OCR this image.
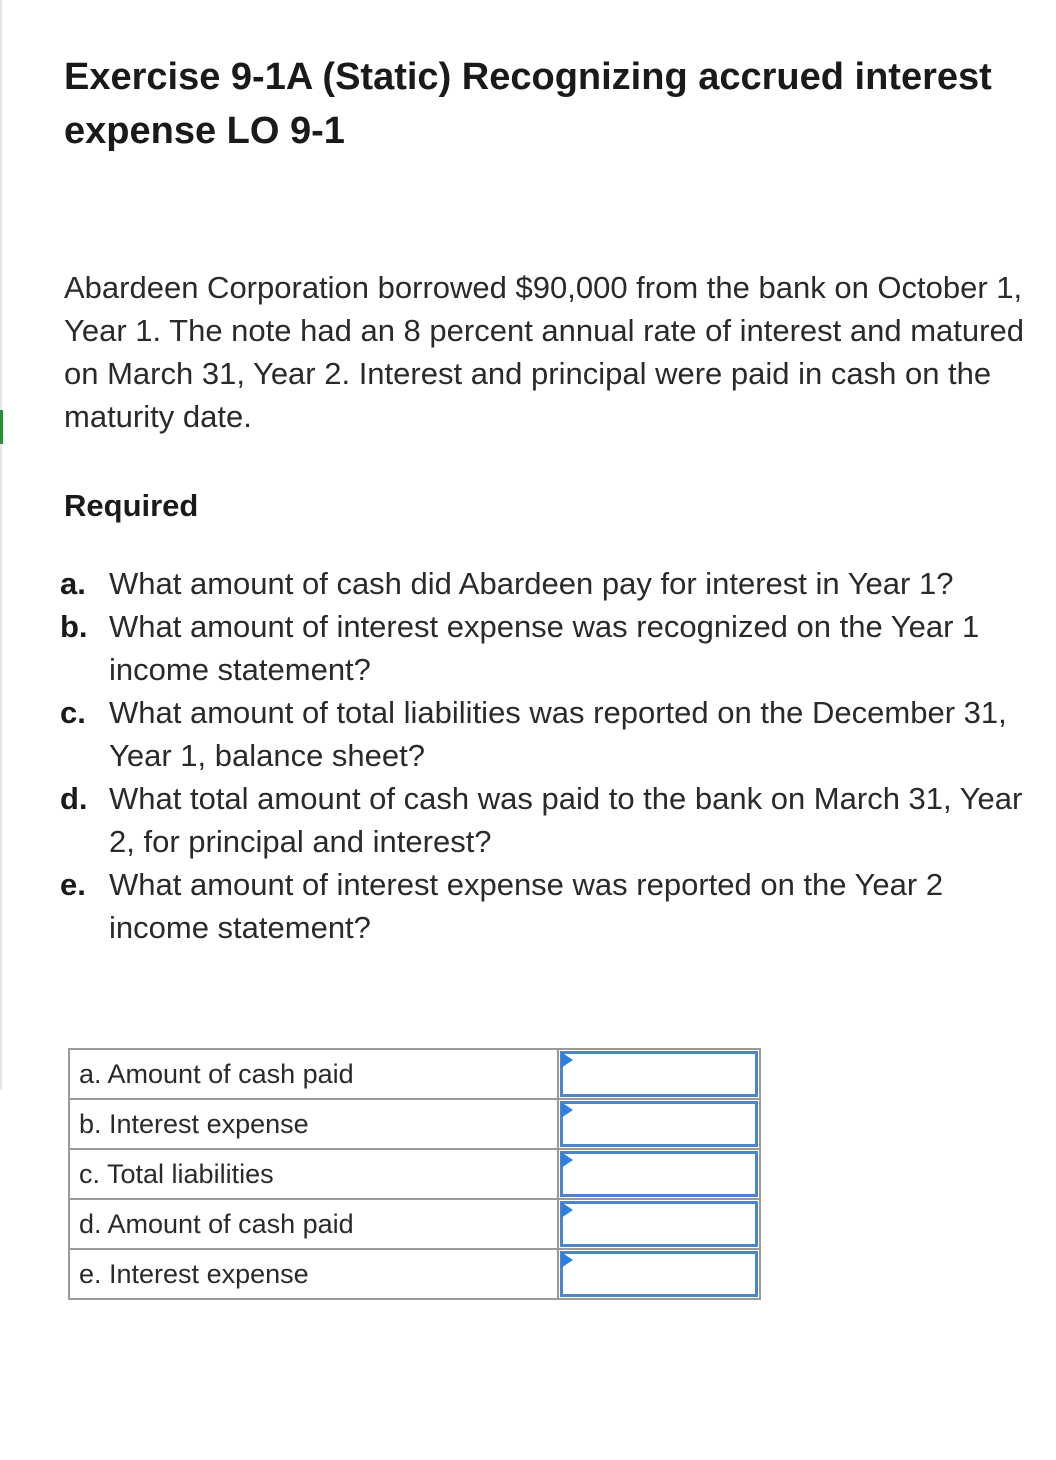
Exercise 9-1A (Static) Recognizing accrued interest expense LO 9-1

Abardeen Corporation borrowed $90,000 from the bank on October 1, Year 1. The note had an 8 percent annual rate of interest and matured on March 31, Year 2. Interest and principal were paid in cash on the maturity date.

Required
a. What amount of cash did Abardeen pay for interest in Year 1?
b. What amount of interest expense was recognized on the Year 1 income statement?
c. What amount of total liabilities was reported on the December 31, Year 1, balance sheet?
d. What total amount of cash was paid to the bank on March 31, Year 2, for principal and interest?
e. What amount of interest expense was reported on the Year 2 income statement?
a. Amount of cash paid	

b. Interest expense	

c. Total liabilities	

d. Amount of cash paid	

e. Interest expense	
